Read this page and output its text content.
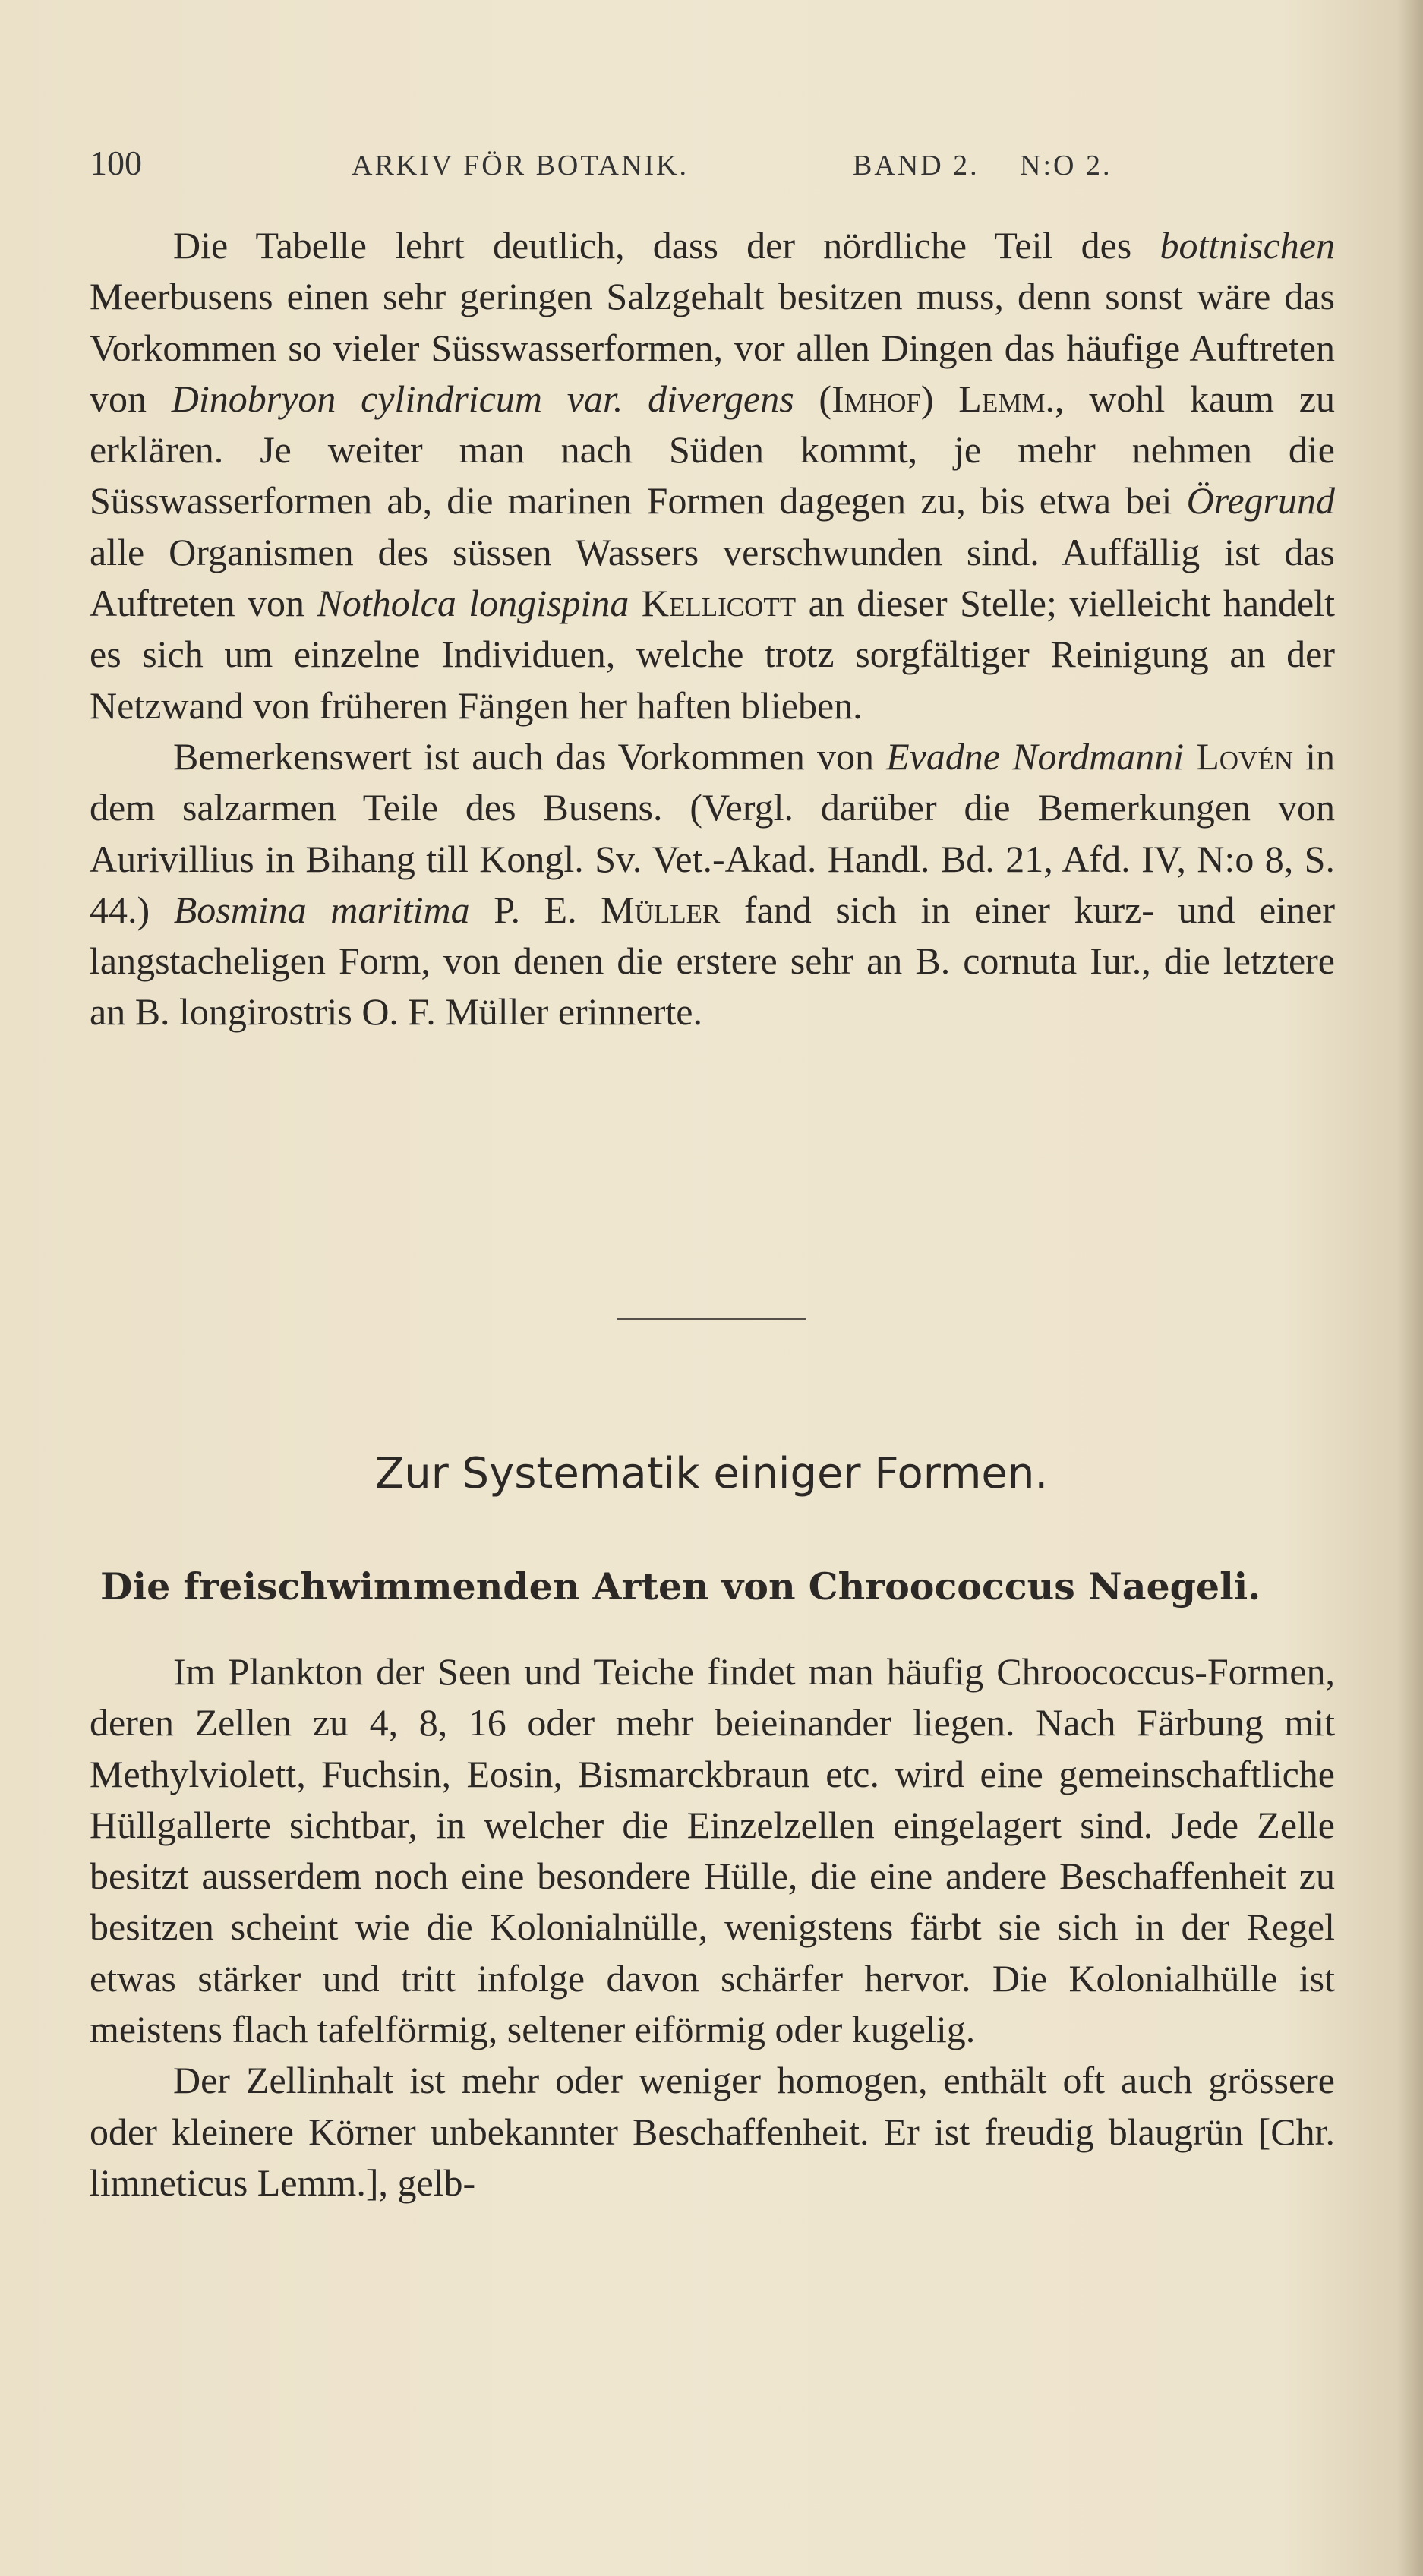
100	ARKIV FÖR BOTANIK.	BAND 2. N:O 2.

Die Tabelle lehrt deutlich, dass der nördliche Teil des bottnischen Meerbusens einen sehr geringen Salzgehalt besitzen muss, denn sonst wäre das Vorkommen so vieler Süsswasserformen, vor allen Dingen das häufige Auftreten von Dinobryon cylindricum var. divergens (Imhof) Lemm., wohl kaum zu erklären. Je weiter man nach Süden kommt, je mehr nehmen die Süsswasserformen ab, die marinen Formen dagegen zu, bis etwa bei Öregrund alle Organismen des süssen Wassers verschwunden sind. Auffällig ist das Auftreten von Notholca longispina Kellicott an dieser Stelle; vielleicht handelt es sich um einzelne Individuen, welche trotz sorgfältiger Reinigung an der Netzwand von früheren Fängen her haften blieben.

Bemerkenswert ist auch das Vorkommen von Evadne Nordmanni Lovén in dem salzarmen Teile des Busens. (Vergl. darüber die Bemerkungen von Aurivillius in Bihang till Kongl. Sv. Vet.-Akad. Handl. Bd. 21, Afd. IV, N:o 8, S. 44.) Bosmina maritima P. E. Müller fand sich in einer kurz- und einer langstacheligen Form, von denen die erstere sehr an B. cornuta Iur., die letztere an B. longirostris O. F. Müller erinnerte.

Zur Systematik einiger Formen.
Die freischwimmenden Arten von Chroococcus Naegeli.

Im Plankton der Seen und Teiche findet man häufig Chroococcus-Formen, deren Zellen zu 4, 8, 16 oder mehr beieinander liegen. Nach Färbung mit Methylviolett, Fuchsin, Eosin, Bismarckbraun etc. wird eine gemeinschaftliche Hüllgallerte sichtbar, in welcher die Einzelzellen eingelagert sind. Jede Zelle besitzt ausserdem noch eine besondere Hülle, die eine andere Beschaffenheit zu besitzen scheint wie die Kolonialnülle, wenigstens färbt sie sich in der Regel etwas stärker und tritt infolge davon schärfer hervor. Die Kolonialhülle ist meistens flach tafelförmig, seltener eiförmig oder kugelig.

Der Zellinhalt ist mehr oder weniger homogen, enthält oft auch grössere oder kleinere Körner unbekannter Beschaffenheit. Er ist freudig blaugrün [Chr. limneticus Lemm.], gelb-
